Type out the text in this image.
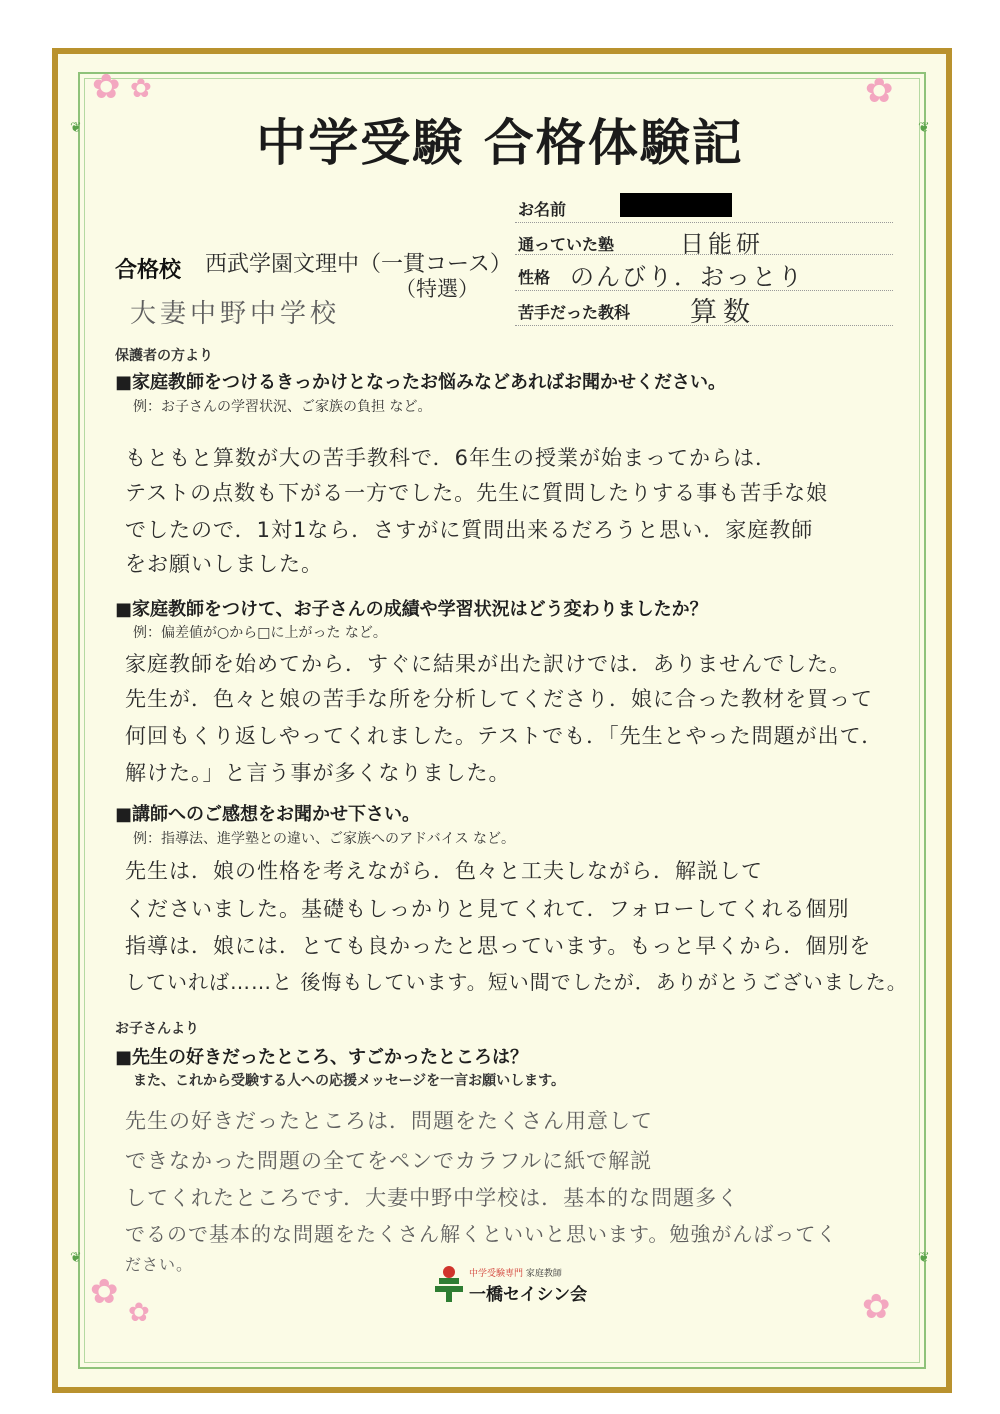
✿ ✿	✿
✿
✿	✿
❦	❦
❦	❦
中学受験 合格体験記
お名前
通っていた塾	日能研
性格 のんびり．おっとり
苦手だった教科 算数
合格校 西武学園文理中（一貫コース）
（特選）
大妻中野中学校
保護者の方より
■家庭教師をつけるきっかけとなったお悩みなどあればお聞かせください。
例：お子さんの学習状況、ご家族の負担 など。
もともと算数が大の苦手教科で．6年生の授業が始まってからは．
テストの点数も下がる一方でした。先生に質問したりする事も苦手な娘
でしたので．1対1なら．さすがに質問出来るだろうと思い．家庭教師
をお願いしました。
■家庭教師をつけて、お子さんの成績や学習状況はどう変わりましたか？
例：偏差値が○から□に上がった など。
家庭教師を始めてから．すぐに結果が出た訳けでは．ありませんでした。
先生が．色々と娘の苦手な所を分析してくださり．娘に合った教材を買って
何回もくり返しやってくれました。テストでも．「先生とやった問題が出て．
解けた。」と言う事が多くなりました。
■講師へのご感想をお聞かせ下さい。
例：指導法、進学塾との違い、ご家族へのアドバイス など。
先生は．娘の性格を考えながら．色々と工夫しながら．解説して
くださいました。基礎もしっかりと見てくれて．フォローしてくれる個別
指導は．娘には．とても良かったと思っています。もっと早くから．個別を
していれば……と 後悔もしています。短い間でしたが．ありがとうございました。
お子さんより
■先生の好きだったところ、すごかったところは？
また、これから受験する人への応援メッセージを一言お願いします。
先生の好きだったところは．問題をたくさん用意して
できなかった問題の全てをペンでカラフルに紙で解説
してくれたところです．大妻中野中学校は．基本的な問題多く
でるので基本的な問題をたくさん解くといいと思います。勉強がんばってく
ださい。	中学受験専門 家庭教師
一橋セイシン会
